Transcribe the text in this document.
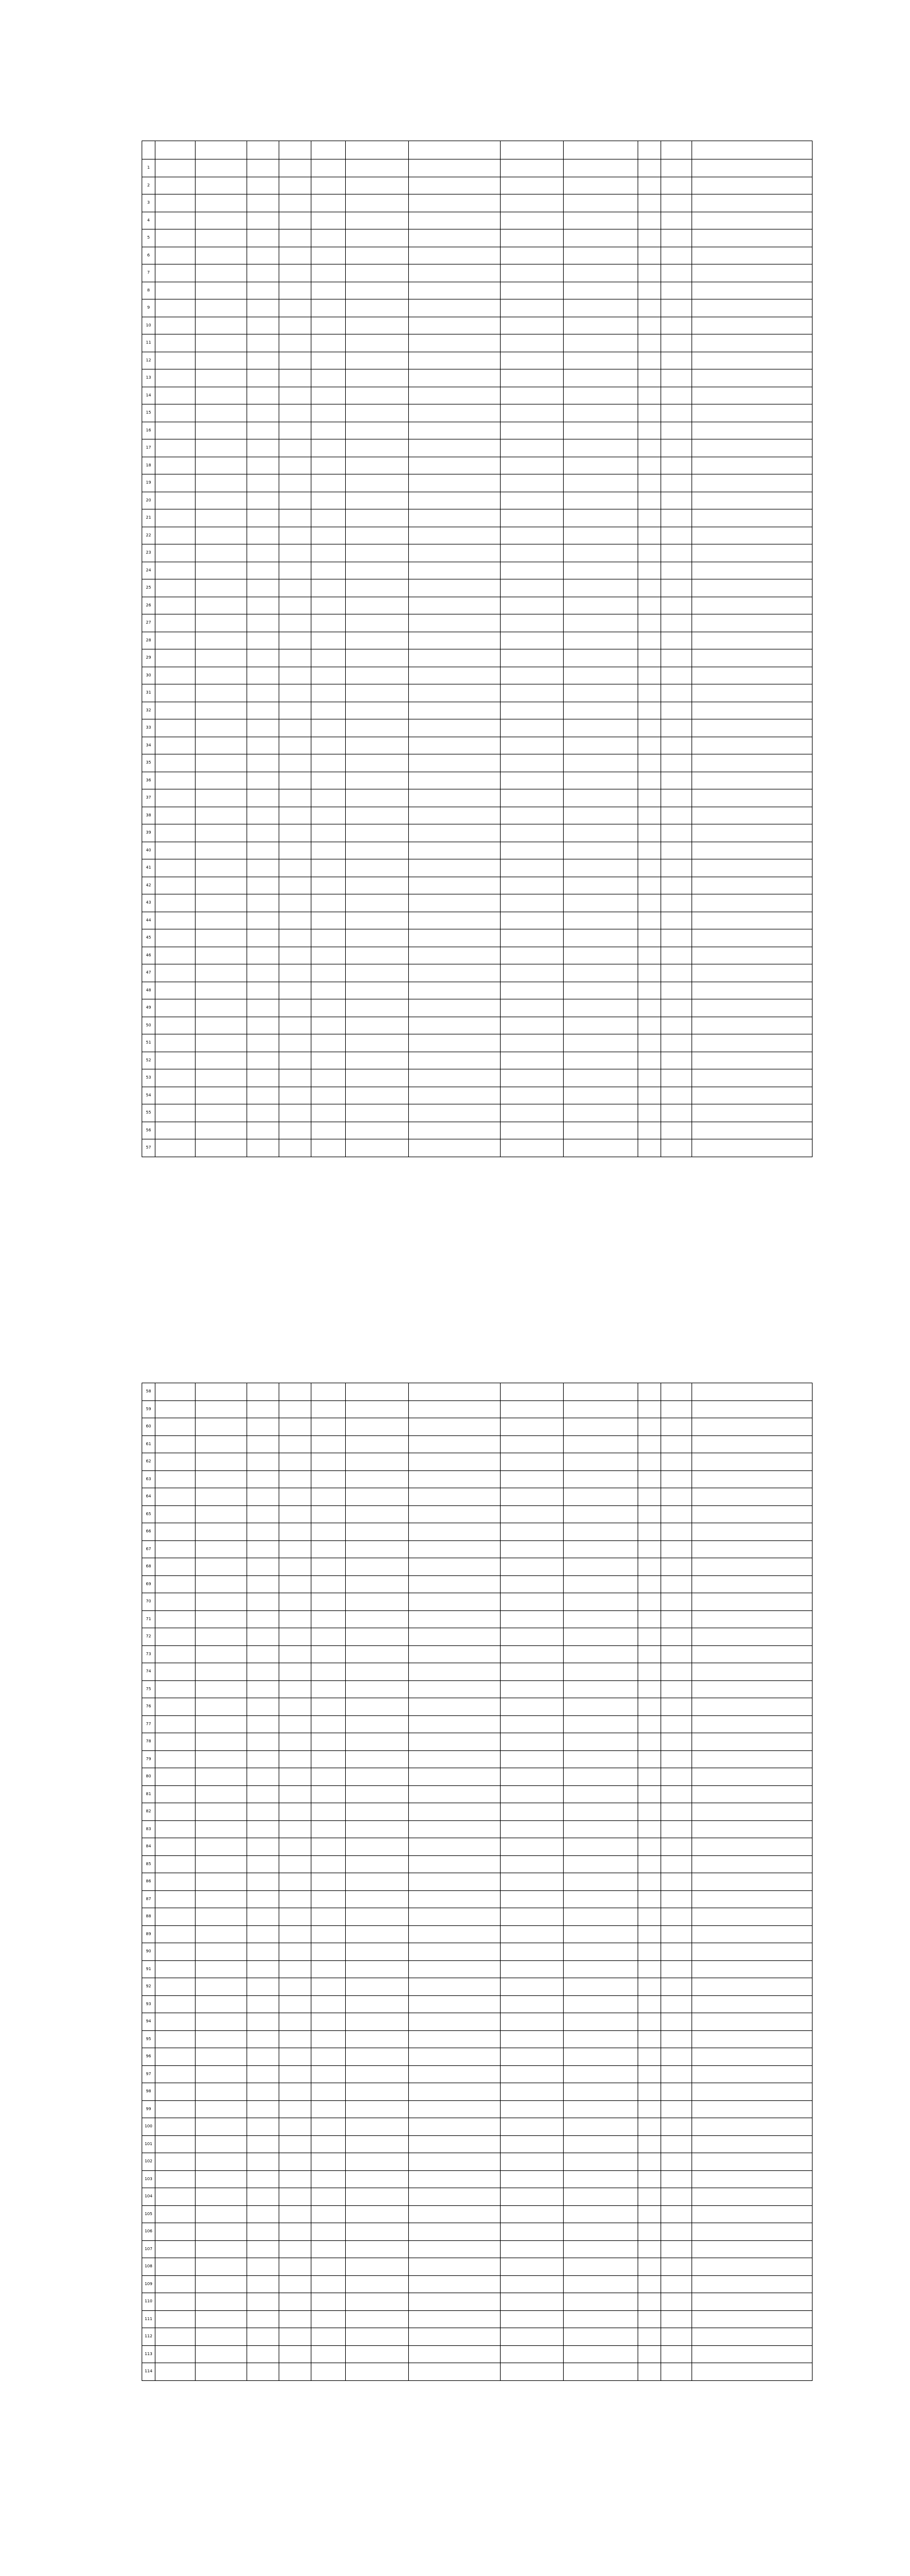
1												
2												
3												
4												
5												
6												
7												
8												
9												
10												
11												
12												
13												
14												
15												
16												
17												
18												
19												
20												
21												
22												
23												
24												
25												
26												
27												
28												
29												
30												
31												
32												
33												
34												
35												
36												
37												
38												
39												
40												
41												
42												
43												
44												
45												
46												
47												
48												
49												
50												
51												
52												
53												
54												
55												
56												
57												
58												
59												
60												
61												
62												
63												
64												
65												
66												
67												
68												
69												
70												
71												
72												
73												
74												
75												
76												
77												
78												
79												
80												
81												
82												
83												
84												
85												
86												
87												
88												
89												
90												
91												
92												
93												
94												
95												
96												
97												
98												
99												
100												
101												
102												
103												
104												
105												
106												
107												
108												
109												
110												
111												
112												
113												
114												
